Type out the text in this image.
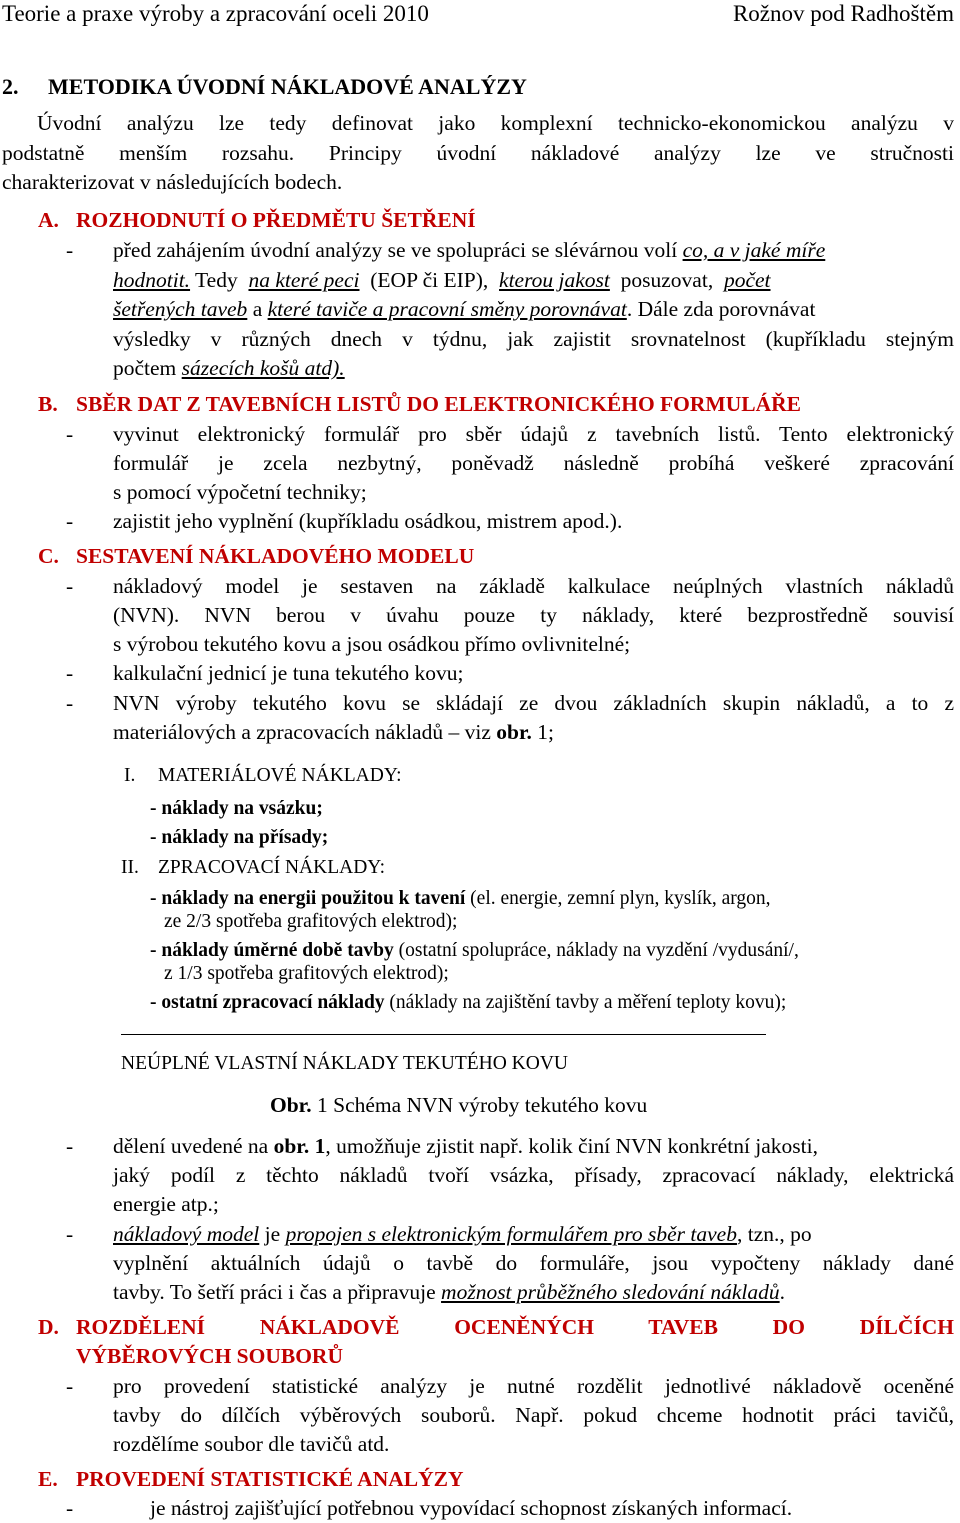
Teorie a praxe výroby a zpracování oceli 2010	Rožnov pod Radhoštěm
2. METODIKA ÚVODNÍ NÁKLADOVÉ ANALÝZY
Úvodní analýzu lze tedy definovat jako komplexní technicko-ekonomickou analýzu v
podstatně menším rozsahu. Principy úvodní nákladové analýzy lze ve stručnosti
charakterizovat v následujících bodech.
A. ROZHODNUTÍ O PŘEDMĚTU ŠETŘENÍ
- před zahájením úvodní analýzy se ve spolupráci se slévárnou volí co, a v jaké míře
hodnotit. Tedy na které peci (EOP či EIP), kterou jakost posuzovat, počet
šetřených taveb a které taviče a pracovní směny porovnávat. Dále zda porovnávat
výsledky v různých dnech v týdnu, jak zajistit srovnatelnost (kupříkladu stejným
počtem sázecích košů atd).
B. SBĚR DAT Z TAVEBNÍCH LISTŮ DO ELEKTRONICKÉHO FORMULÁŘE
- vyvinut elektronický formulář pro sběr údajů z tavebních listů. Tento elektronický
formulář je zcela nezbytný, poněvadž následně probíhá veškeré zpracování
s pomocí výpočetní techniky;
- zajistit jeho vyplnění (kupříkladu osádkou, mistrem apod.).
C. SESTAVENÍ NÁKLADOVÉHO MODELU
- nákladový model je sestaven na základě kalkulace neúplných vlastních nákladů
(NVN). NVN berou v úvahu pouze ty náklady, které bezprostředně souvisí
s výrobou tekutého kovu a jsou osádkou přímo ovlivnitelné;
- kalkulační jednicí je tuna tekutého kovu;
- NVN výroby tekutého kovu se skládají ze dvou základních skupin nákladů, a to z
materiálových a zpracovacích nákladů – viz obr. 1;
I. MATERIÁLOVÉ NÁKLADY:
- náklady na vsázku;
- náklady na přísady;
II. ZPRACOVACÍ NÁKLADY:
- náklady na energii použitou k tavení (el. energie, zemní plyn, kyslík, argon,
ze 2/3 spotřeba grafitových elektrod);
- náklady úměrné době tavby (ostatní spolupráce, náklady na vyzdění /vydusání/,
z 1/3 spotřeba grafitových elektrod);
- ostatní zpracovací náklady (náklady na zajištění tavby a měření teploty kovu);
NEÚPLNÉ VLASTNÍ NÁKLADY TEKUTÉHO KOVU
Obr. 1 Schéma NVN výroby tekutého kovu
- dělení uvedené na obr. 1, umožňuje zjistit např. kolik činí NVN konkrétní jakosti,
jaký podíl z těchto nákladů tvoří vsázka, přísady, zpracovací náklady, elektrická
energie atp.;
- nákladový model je propojen s elektronickým formulářem pro sběr taveb, tzn., po
vyplnění aktuálních údajů o tavbě do formuláře, jsou vypočteny náklady dané
tavby. To šetří práci i čas a připravuje možnost průběžného sledování nákladů.
D. ROZDĚLENÍ NÁKLADOVĚ OCENĚNÝCH TAVEB DO DÍLČÍCH
VÝBĚROVÝCH SOUBORŮ
- pro provedení statistické analýzy je nutné rozdělit jednotlivé nákladově oceněné
tavby do dílčích výběrových souborů. Např. pokud chceme hodnotit práci tavičů,
rozdělíme soubor dle tavičů atd.
E. PROVEDENÍ STATISTICKÉ ANALÝZY
-	je nástroj zajišťující potřebnou vypovídací schopnost získaných informací.
